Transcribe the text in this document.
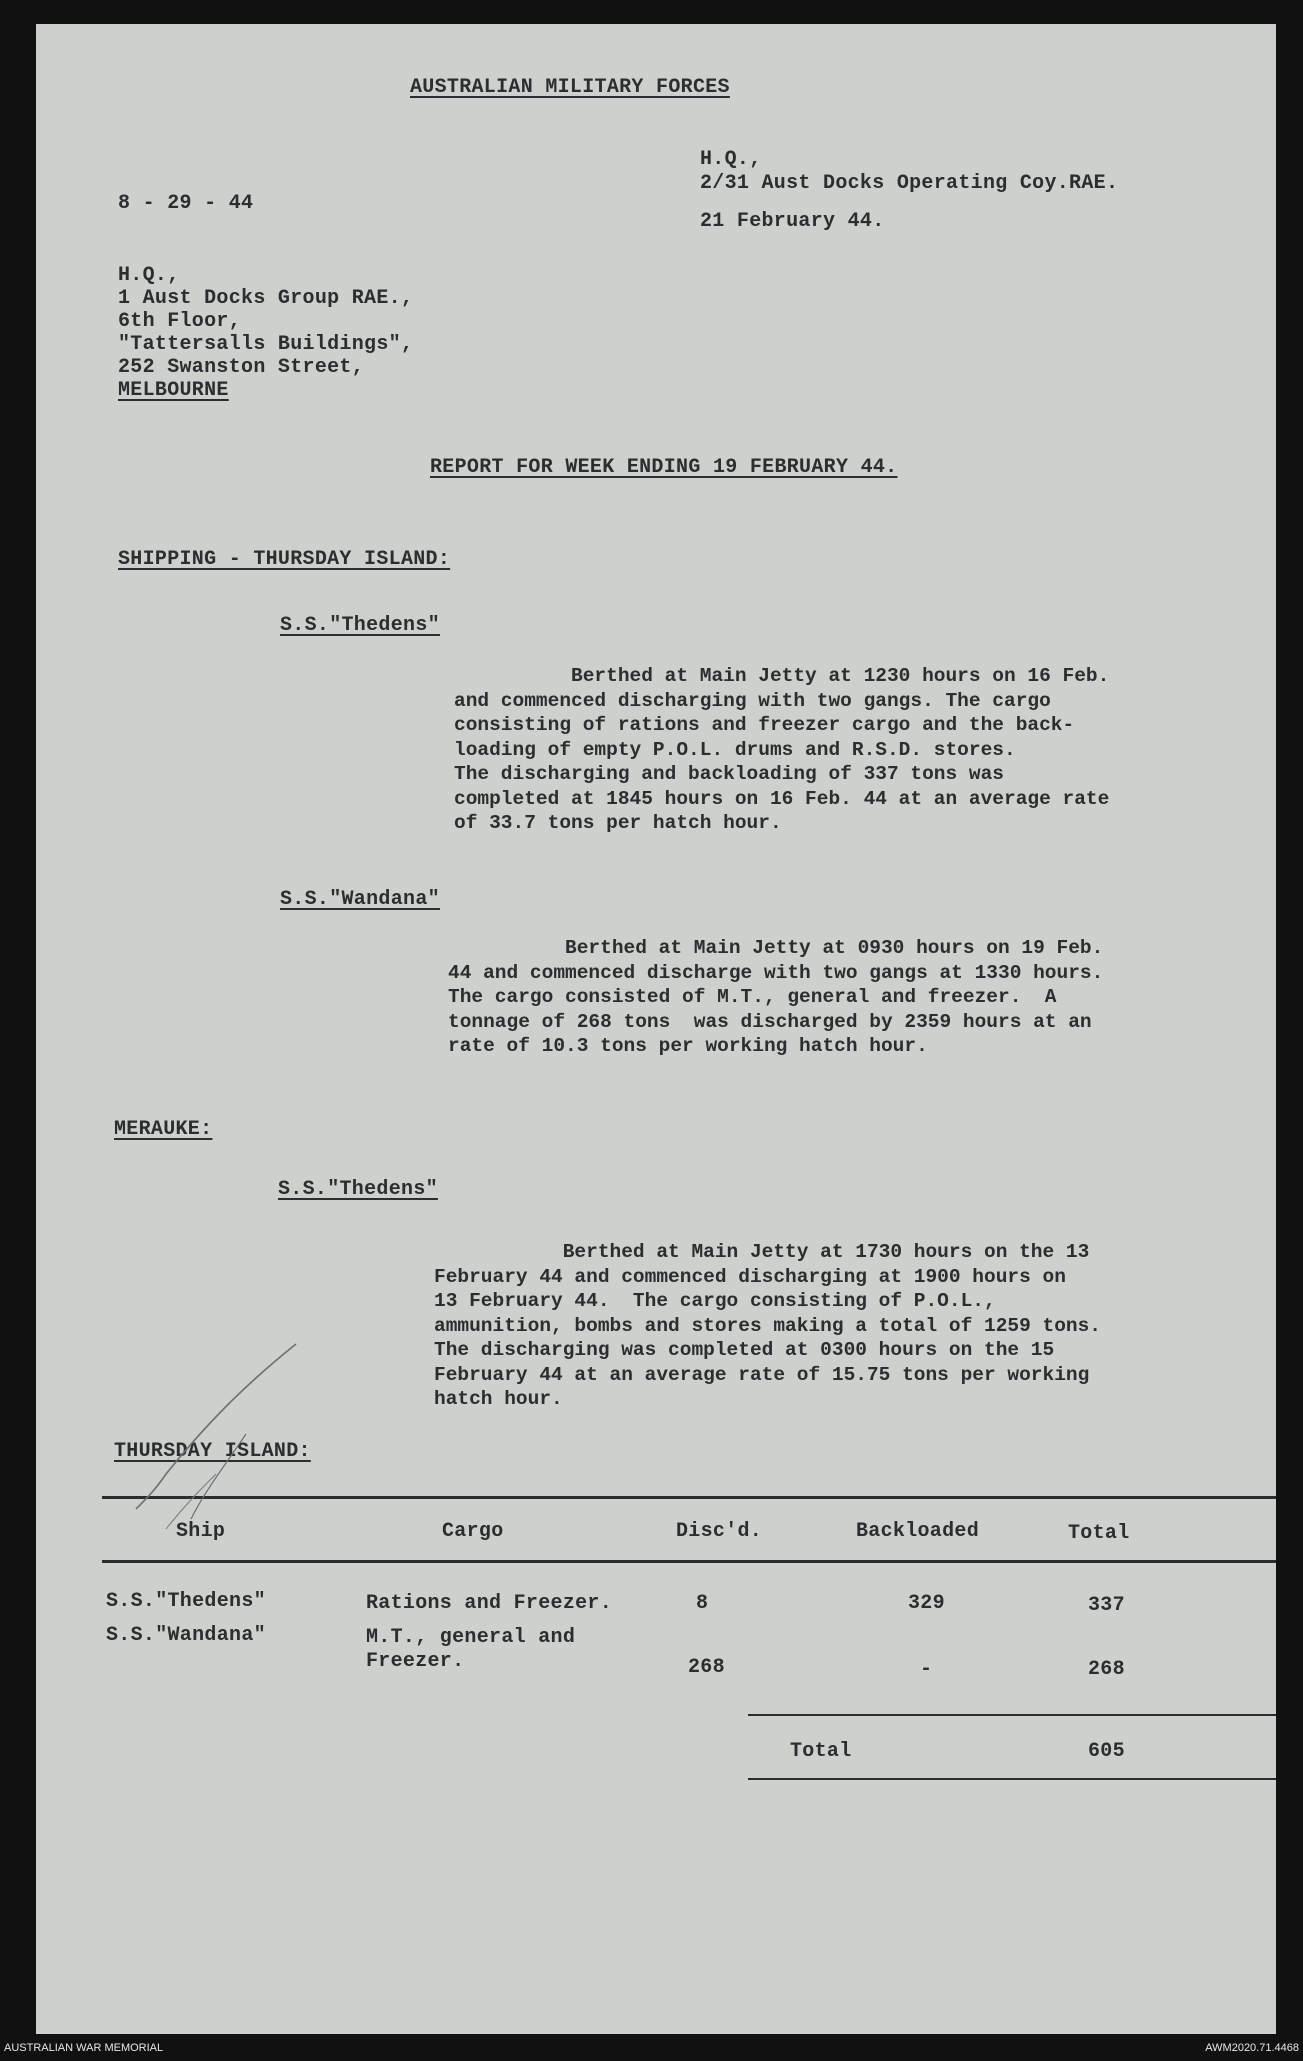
AUSTRALIAN MILITARY FORCES
H.Q.,
2/31 Aust Docks Operating Coy.RAE.
8 - 29 - 44
21 February 44.
H.Q.,
1 Aust Docks Group RAE.,
6th Floor,
"Tattersalls Buildings",
252 Swanston Street,
MELBOURNE
REPORT FOR WEEK ENDING 19 FEBRUARY 44.
SHIPPING - THURSDAY ISLAND:
S.S."Thedens"
Berthed at Main Jetty at 1230 hours on 16 Feb.
and commenced discharging with two gangs. The cargo
consisting of rations and freezer cargo and the back-
loading of empty P.O.L. drums and R.S.D. stores.
The discharging and backloading of 337 tons was
completed at 1845 hours on 16 Feb. 44 at an average rate
of 33.7 tons per hatch hour.
S.S."Wandana"
Berthed at Main Jetty at 0930 hours on 19 Feb.
44 and commenced discharge with two gangs at 1330 hours.
The cargo consisted of M.T., general and freezer.  A
tonnage of 268 tons  was discharged by 2359 hours at an
rate of 10.3 tons per working hatch hour.
MERAUKE:
S.S."Thedens"
Berthed at Main Jetty at 1730 hours on the 13
February 44 and commenced discharging at 1900 hours on
13 February 44.  The cargo consisting of P.O.L.,
ammunition, bombs and stores making a total of 1259 tons.
The discharging was completed at 0300 hours on the 15
February 44 at an average rate of 15.75 tons per working
hatch hour.
THURSDAY ISLAND:
Ship	Cargo	Disc'd.	Backloaded	Total
S.S."Thedens"	Rations and Freezer.	8	329	337
S.S."Wandana"	M.T., general and
Freezer.	268	-	268
Total	605
AUSTRALIAN WAR MEMORIAL	AWM2020.71.4468
